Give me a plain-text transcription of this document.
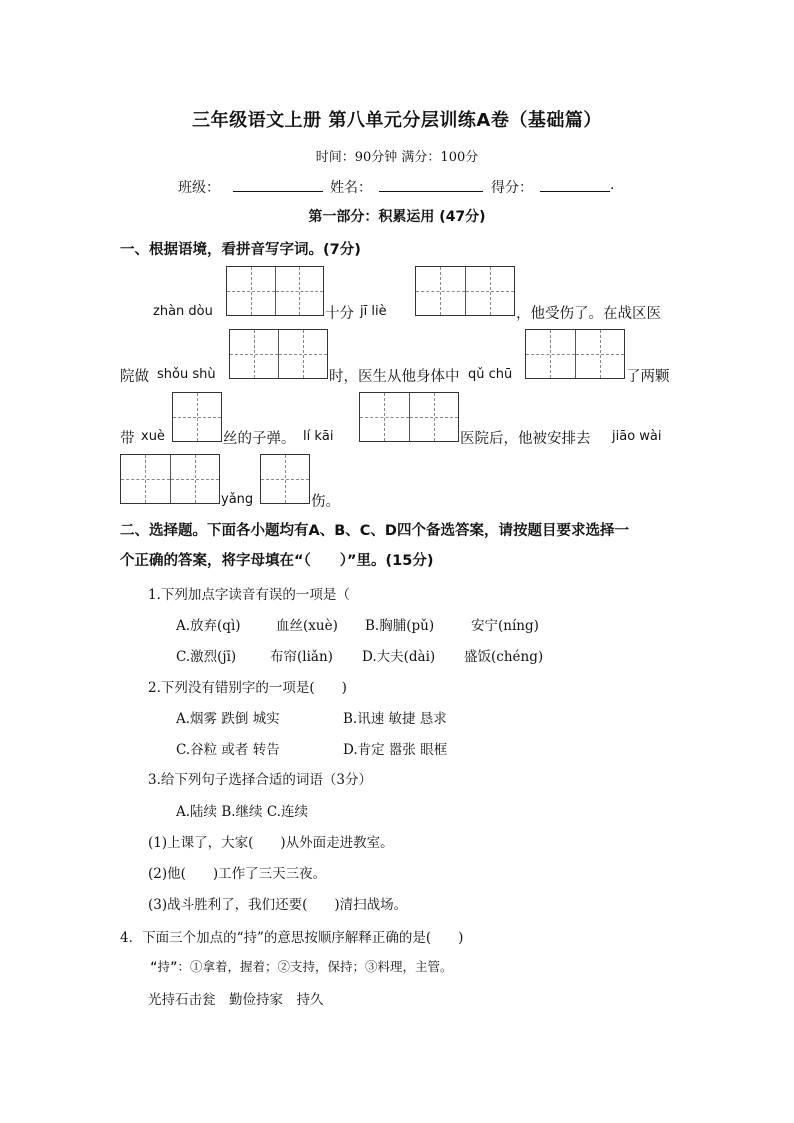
三年级语文上册 第八单元分层训练A卷（基础篇）
时间：90分钟 满分：100分
班级：	姓名：	得分：	.
第一部分：积累运用 (47分)
一、根据语境，看拼音写字词。(7分)
zhàn dòu	十分 jī liè	，他受伤了。在战区医
院做 shǒu shù	时，医生从他身体中 qǔ chū	了两颗
带 xuè	丝的子弹。 lí kāi	医院后，他被安排去 jiāo wài
yǎng	伤。
二、选择题。下面各小题均有A、B、C、D四个备选答案，请按题目要求选择一
个正确的答案，将字母填在“（　　）”里。(15分)
1.下列加点字读音有误的一项是（
A.放弃(qì)	血丝(xuè) B.胸脯(pǔ)	安宁(níng)
C.激烈(jī)	布帘(liǎn) D.大夫(dài) 盛饭(chéng)
2.下列没有错别字的一项是(　　)
A.烟雾 跌倒 城实	B.讯速 敏捷 恳求
C.谷粒 或者 转告	D.肯定 嚣张 眼框
3.给下列句子选择合适的词语（3分）
A.陆续 B.继续 C.连续
(1)上课了，大家(　　)从外面走进教室。
(2)他(　　)工作了三天三夜。
(3)战斗胜利了，我们还要(　　)清扫战场。
4．下面三个加点的“持”的意思按顺序解释正确的是(　　)
“持”：①拿着，握着；②支持，保持；③料理，主管。
光持石击瓮　勤俭持家　持久
